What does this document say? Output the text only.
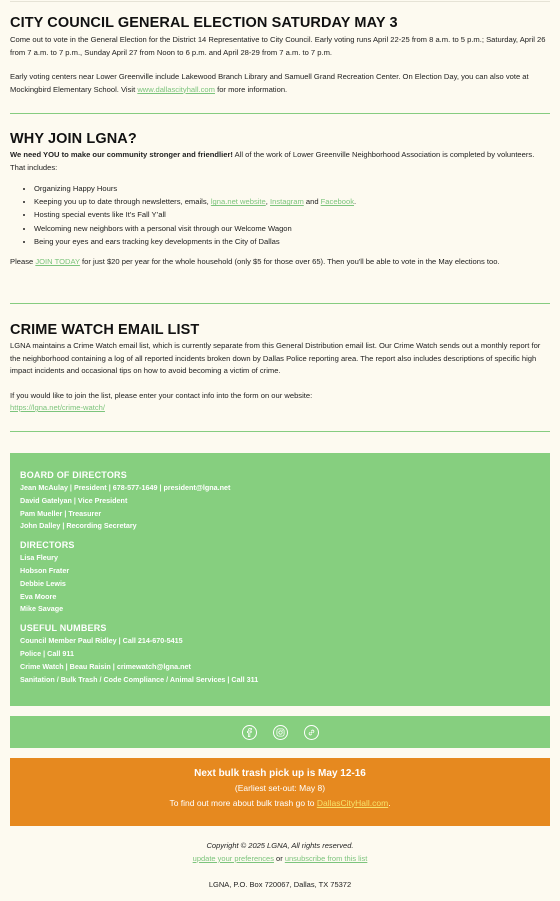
CITY COUNCIL GENERAL ELECTION SATURDAY MAY 3

Come out to vote in the General Election for the District 14 Representative to City Council. Early voting runs April 22-25 from 8 a.m. to 5 p.m.; Saturday, April 26 from 7 a.m. to 7 p.m., Sunday April 27 from Noon to 6 p.m. and April 28-29 from 7 a.m. to 7 p.m.

Early voting centers near Lower Greenville include Lakewood Branch Library and Samuell Grand Recreation Center. On Election Day, you can also vote at Mockingbird Elementary School. Visit www.dallascityhall.com for more information.

WHY JOIN LGNA?

We need YOU to make our community stronger and friendlier! All of the work of Lower Greenville Neighborhood Association is completed by volunteers. That includes:

• Organizing Happy Hours
• Keeping you up to date through newsletters, emails, lgna.net website, Instagram and Facebook.
• Hosting special events like It’s Fall Y’all
• Welcoming new neighbors with a personal visit through our Welcome Wagon
• Being your eyes and ears tracking key developments in the City of Dallas

Please JOIN TODAY for just $20 per year for the whole household (only $5 for those over 65). Then you'll be able to vote in the May elections too.

CRIME WATCH EMAIL LIST

LGNA maintains a Crime Watch email list, which is currently separate from this General Distribution email list. Our Crime Watch sends out a monthly report for the neighborhood containing a log of all reported incidents broken down by Dallas Police reporting area. The report also includes descriptions of specific high impact incidents and occasional tips on how to avoid becoming a victim of crime.

If you would like to join the list, please enter your contact info into the form on our website:

https://lgna.net/crime-watch/

BOARD OF DIRECTORS
Jean McAulay | President | 678-577-1649 | president@lgna.net
David Gatelyan | Vice President
Pam Mueller | Treasurer
John Dalley | Recording Secretary
DIRECTORS
Lisa Fleury
Hobson Frater
Debbie Lewis
Eva Moore
Mike Savage
USEFUL NUMBERS
Council Member Paul Ridley | Call 214-670-5415
Police | Call 911
Crime Watch | Beau Raisin | crimewatch@lgna.net
Sanitation / Bulk Trash / Code Compliance / Animal Services | Call 311
Next bulk trash pick up is May 12-16
(Earliest set-out: May 8)
To find out more about bulk trash go to DallasCityHall.com.
Copyright © 2025 LGNA, All rights reserved.
update your preferences or unsubscribe from this list
LGNA, P.O. Box 720067, Dallas, TX 75372
